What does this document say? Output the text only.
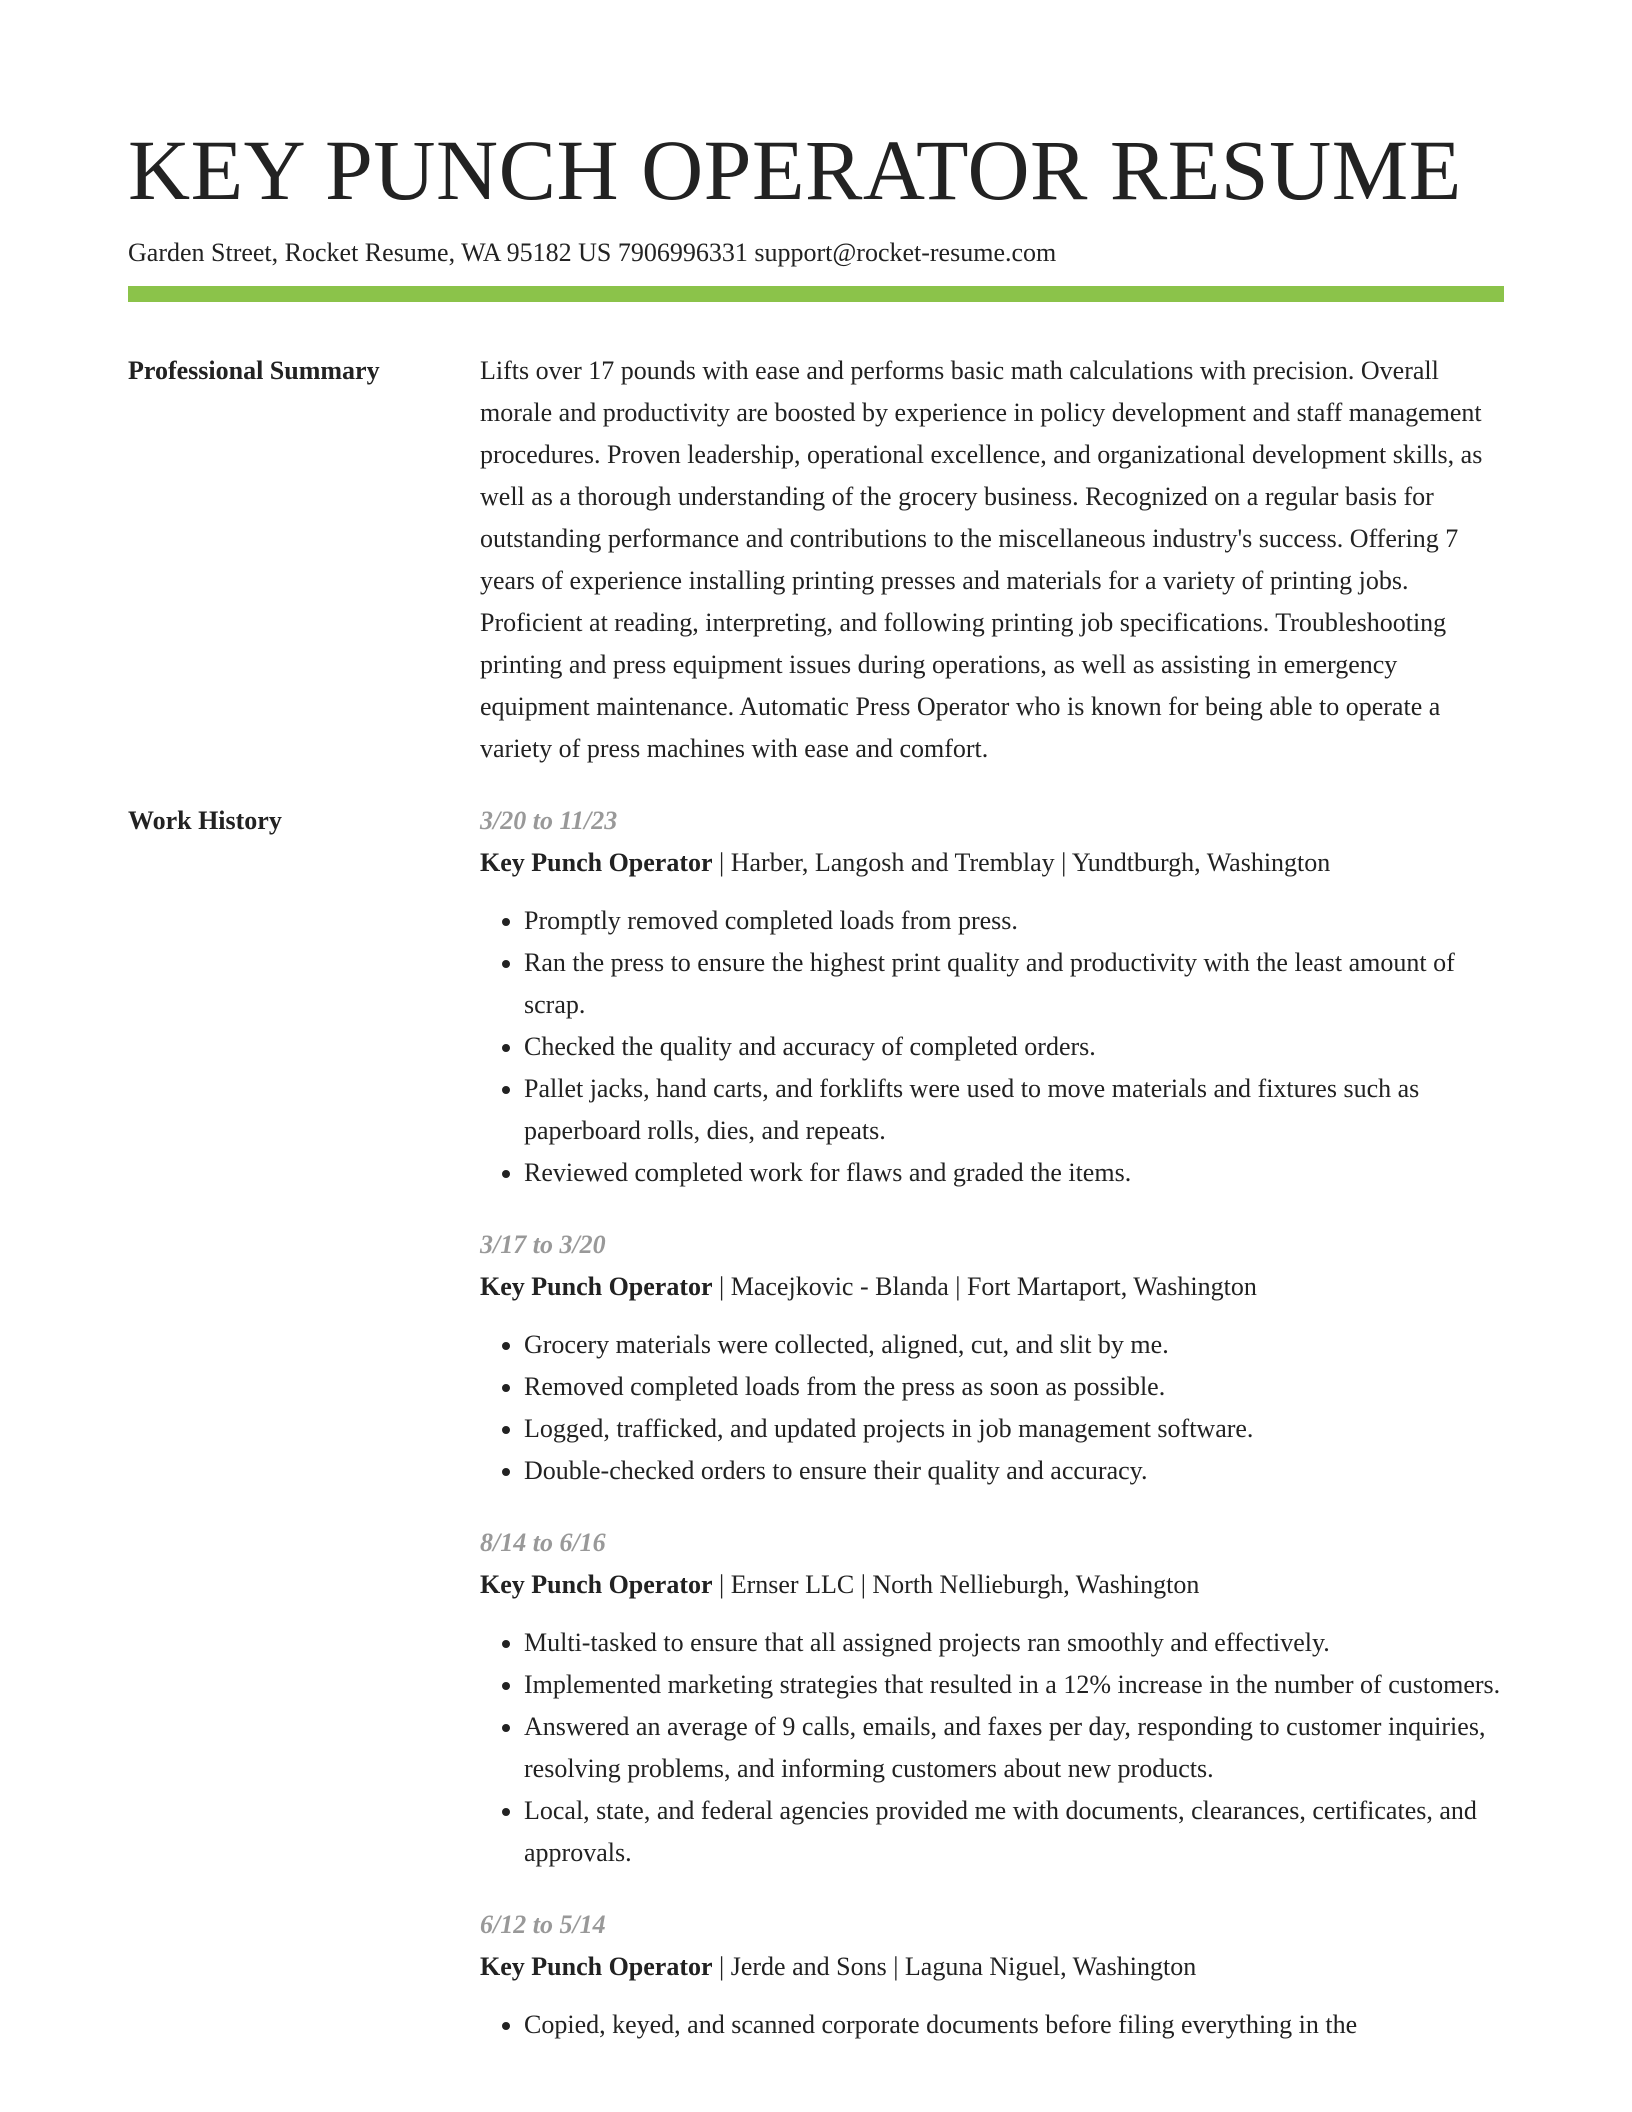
KEY PUNCH OPERATOR RESUME
Garden Street, Rocket Resume, WA 95182 US 7906996331 support@rocket-resume.com
Professional Summary	Lifts over 17 pounds with ease and performs basic math calculations with precision. Overall morale and productivity are boosted by experience in policy development and staff management procedures. Proven leadership, operational excellence, and organizational development skills, as well as a thorough understanding of the grocery business. Recognized on a regular basis for outstanding performance and contributions to the miscellaneous industry's success. Offering 7 years of experience installing printing presses and materials for a variety of printing jobs. Proficient at reading, interpreting, and following printing job specifications. Troubleshooting printing and press equipment issues during operations, as well as assisting in emergency equipment maintenance. Automatic Press Operator who is known for being able to operate a variety of press machines with ease and comfort.

Work History	3/20 to 11/23
Key Punch Operator | Harber, Langosh and Tremblay | Yundtburgh, Washington
• Promptly removed completed loads from press.
• Ran the press to ensure the highest print quality and productivity with the least amount of scrap.
• Checked the quality and accuracy of completed orders.
• Pallet jacks, hand carts, and forklifts were used to move materials and fixtures such as paperboard rolls, dies, and repeats.
• Reviewed completed work for flaws and graded the items.
3/17 to 3/20
Key Punch Operator | Macejkovic - Blanda | Fort Martaport, Washington
• Grocery materials were collected, aligned, cut, and slit by me.
• Removed completed loads from the press as soon as possible.
• Logged, trafficked, and updated projects in job management software.
• Double-checked orders to ensure their quality and accuracy.
8/14 to 6/16
Key Punch Operator | Ernser LLC | North Nellieburgh, Washington
• Multi-tasked to ensure that all assigned projects ran smoothly and effectively.
• Implemented marketing strategies that resulted in a 12% increase in the number of customers.
• Answered an average of 9 calls, emails, and faxes per day, responding to customer inquiries, resolving problems, and informing customers about new products.
• Local, state, and federal agencies provided me with documents, clearances, certificates, and approvals.
6/12 to 5/14
Key Punch Operator | Jerde and Sons | Laguna Niguel, Washington
• Copied, keyed, and scanned corporate documents before filing everything in the
